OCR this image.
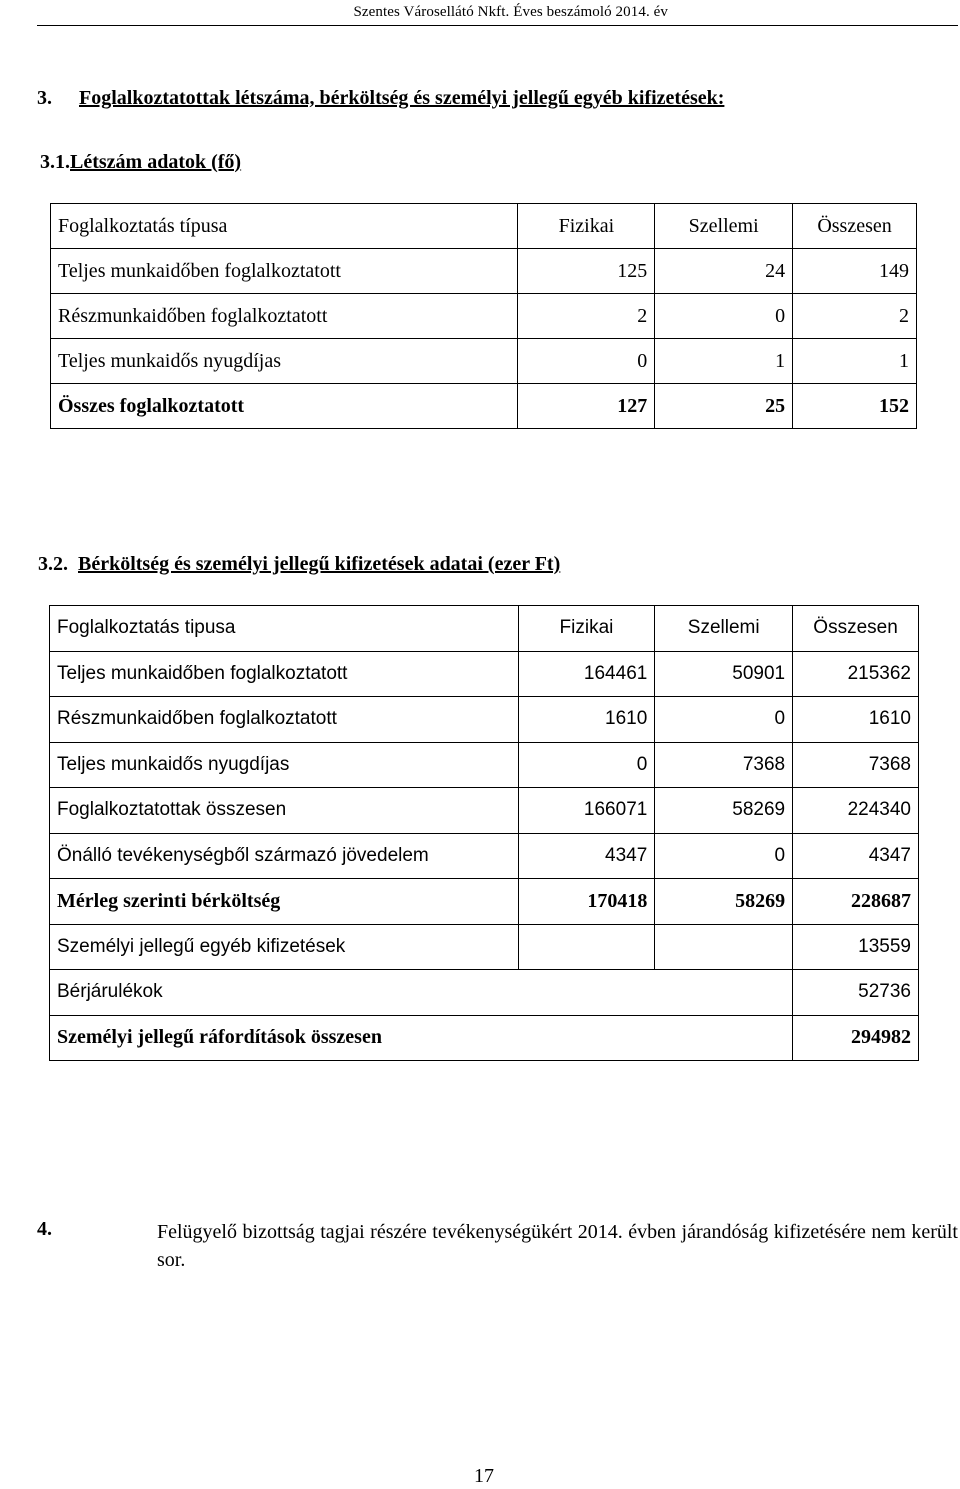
Szentes Városellátó Nkft. Éves beszámoló 2014. év
3. Foglalkoztatottak létszáma, bérköltség és személyi jellegű egyéb kifizetések:
3.1.Létszám adatok (fő)
Foglalkoztatás típusa	Fizikai	Szellemi	Összesen
Teljes munkaidőben foglalkoztatott	125	24	149
Részmunkaidőben foglalkoztatott	2	0	2
Teljes munkaidős nyugdíjas	0	1	1
Összes foglalkoztatott	127	25	152
3.2. Bérköltség és személyi jellegű kifizetések adatai (ezer Ft)
Foglalkoztatás tipusa	Fizikai	Szellemi	Összesen
Teljes munkaidőben foglalkoztatott	164461	50901	215362
Részmunkaidőben foglalkoztatott	1610	0	1610
Teljes munkaidős nyugdíjas	0	7368	7368
Foglalkoztatottak összesen	166071	58269	224340
Önálló tevékenységből származó jövedelem	4347	0	4347
Mérleg szerinti bérköltség	170418	58269	228687
Személyi jellegű egyéb kifizetések			13559
Bérjárulékok			52736
Személyi jellegű ráfordítások összesen			294982
4.	Felügyelő bizottság tagjai részére tevékenységükért 2014. évben járandóság kifizetésére nem került sor.
17
